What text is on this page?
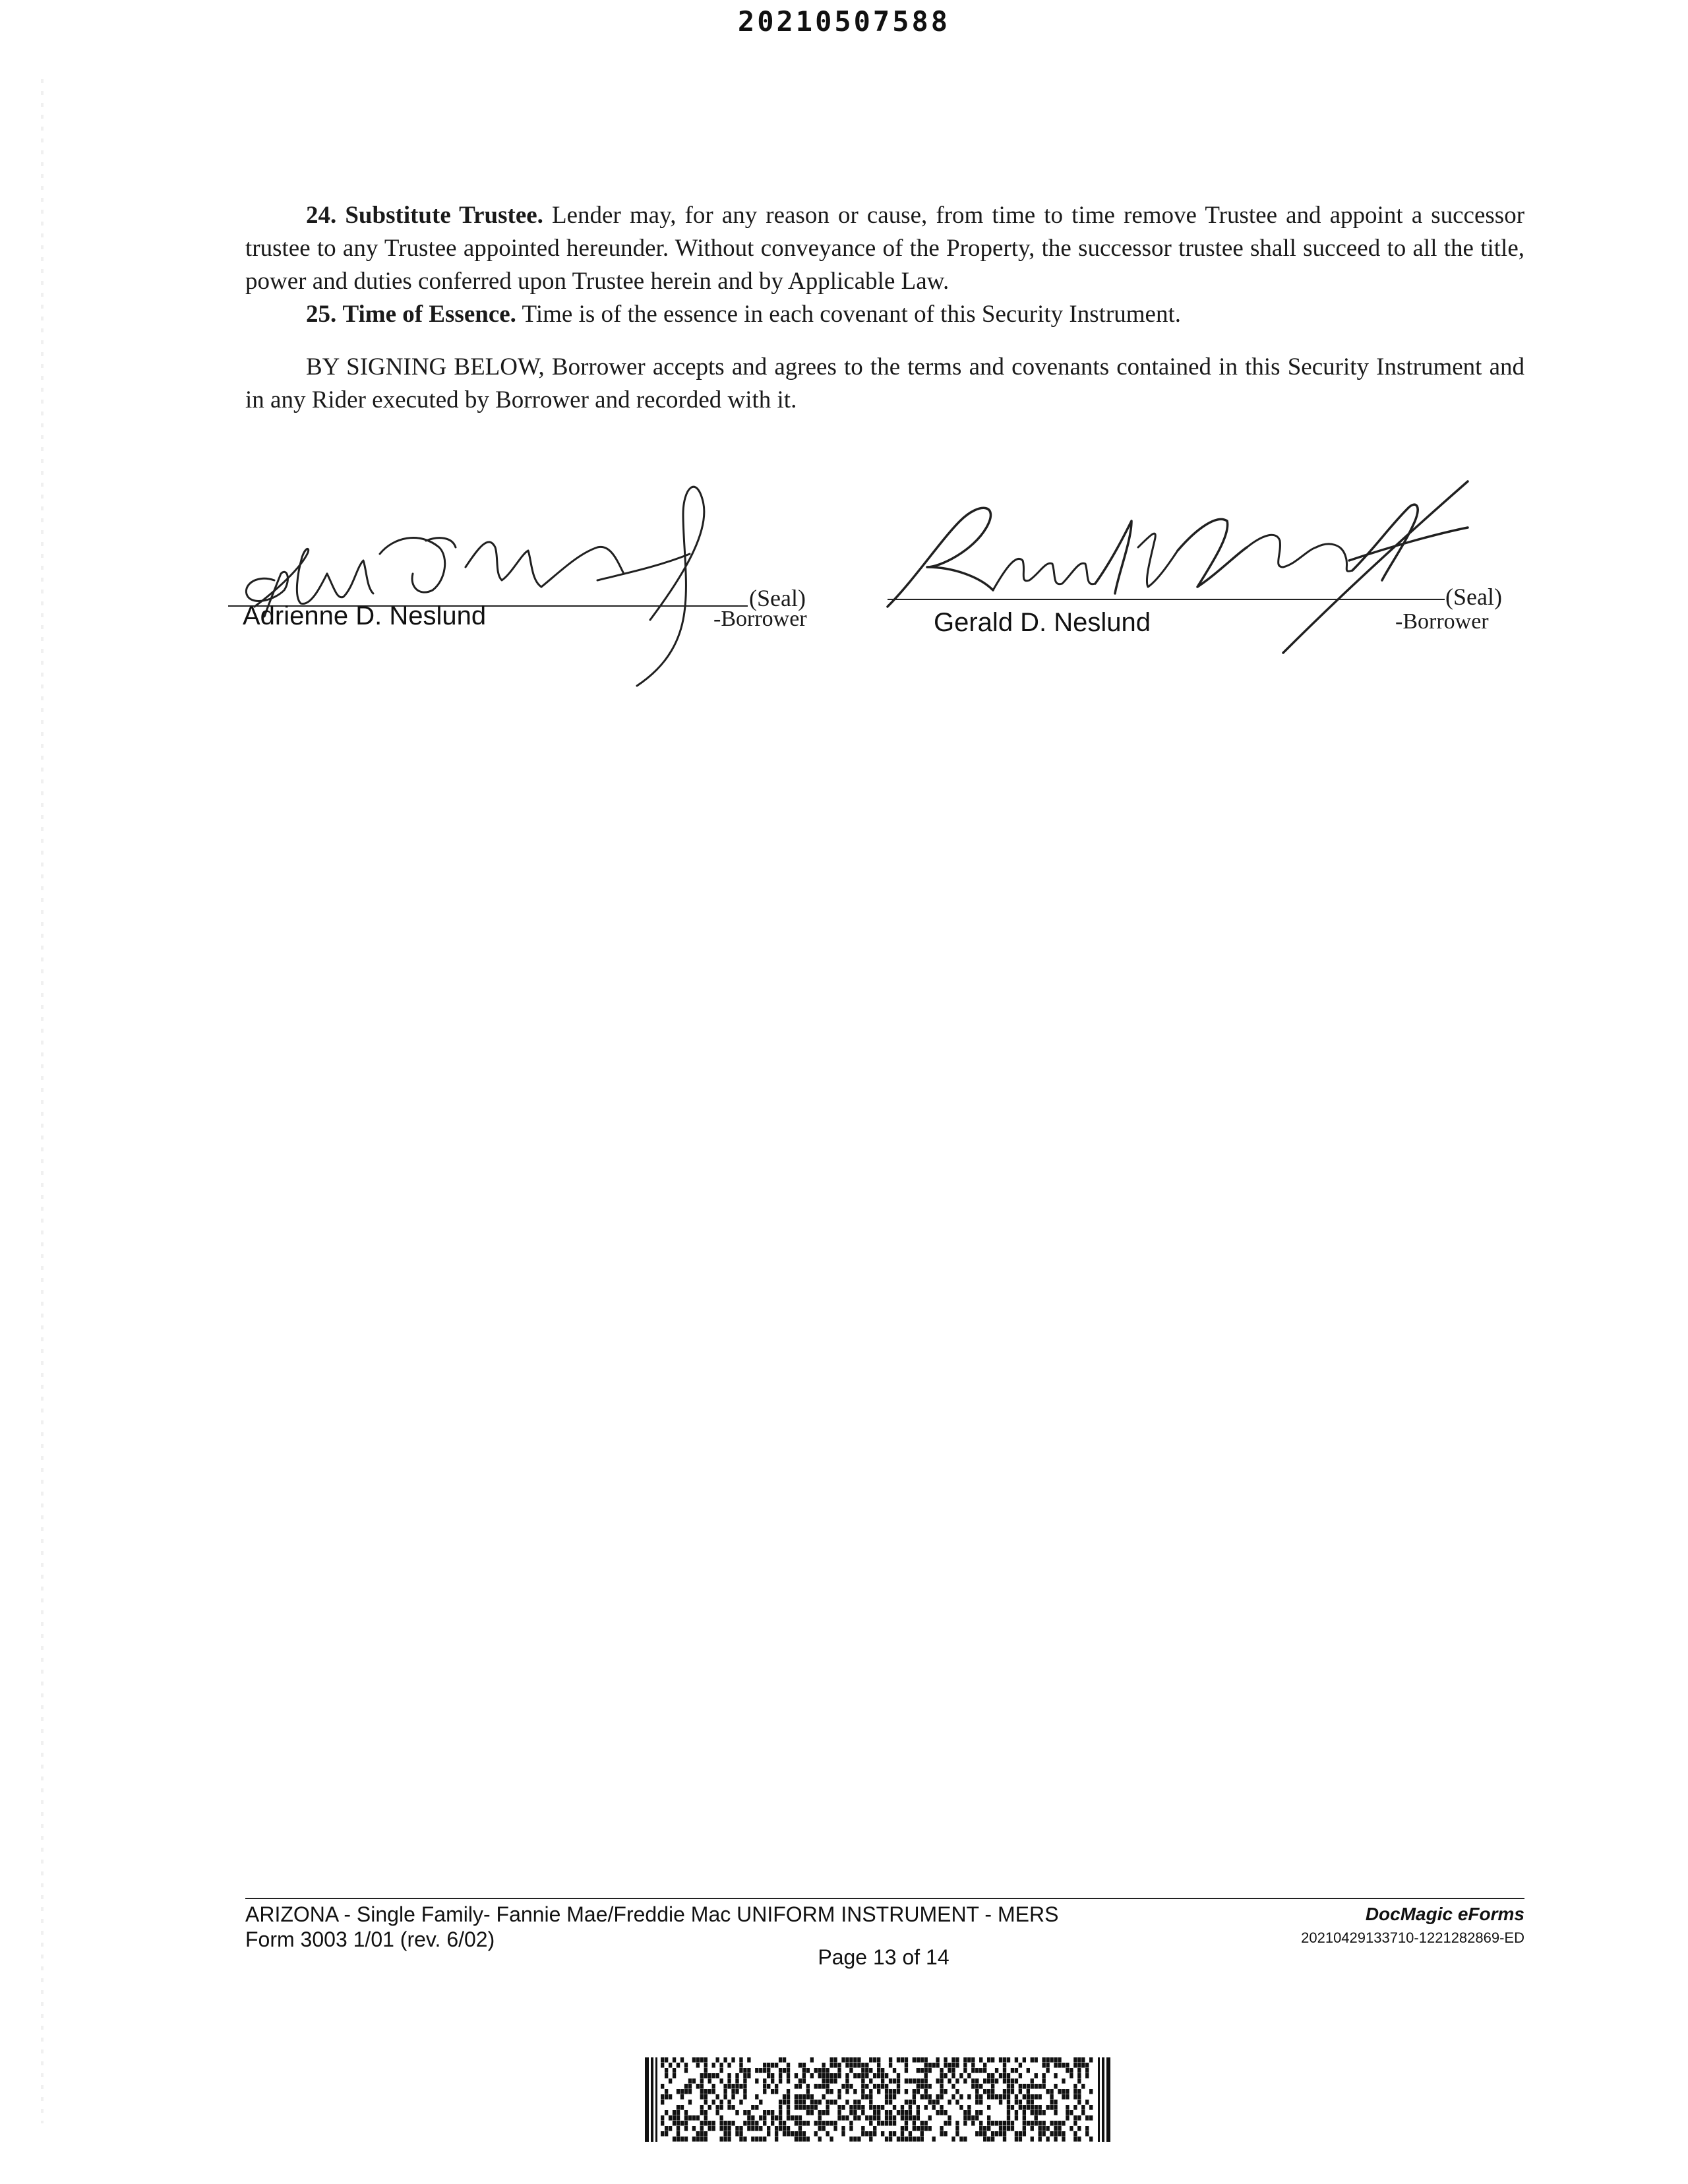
20210507588

24. Substitute Trustee. Lender may, for any reason or cause, from time to time remove Trustee and appoint a successor trustee to any Trustee appointed hereunder. Without conveyance of the Property, the successor trustee shall succeed to all the title, power and duties conferred upon Trustee herein and by Applicable Law.

25. Time of Essence. Time is of the essence in each covenant of this Security Instrument.

BY SIGNING BELOW, Borrower accepts and agrees to the terms and covenants contained in this Security Instrument and in any Rider executed by Borrower and recorded with it.

(Seal)
Adrienne D. Neslund	-Borrower
(Seal)
Gerald D. Neslund	-Borrower
ARIZONA - Single Family- Fannie Mae/Freddie Mac UNIFORM INSTRUMENT - MERS
Form 3003 1/01 (rev. 6/02)
DocMagic eForms
20210429133710-1221282869-ED
Page 13 of 14
